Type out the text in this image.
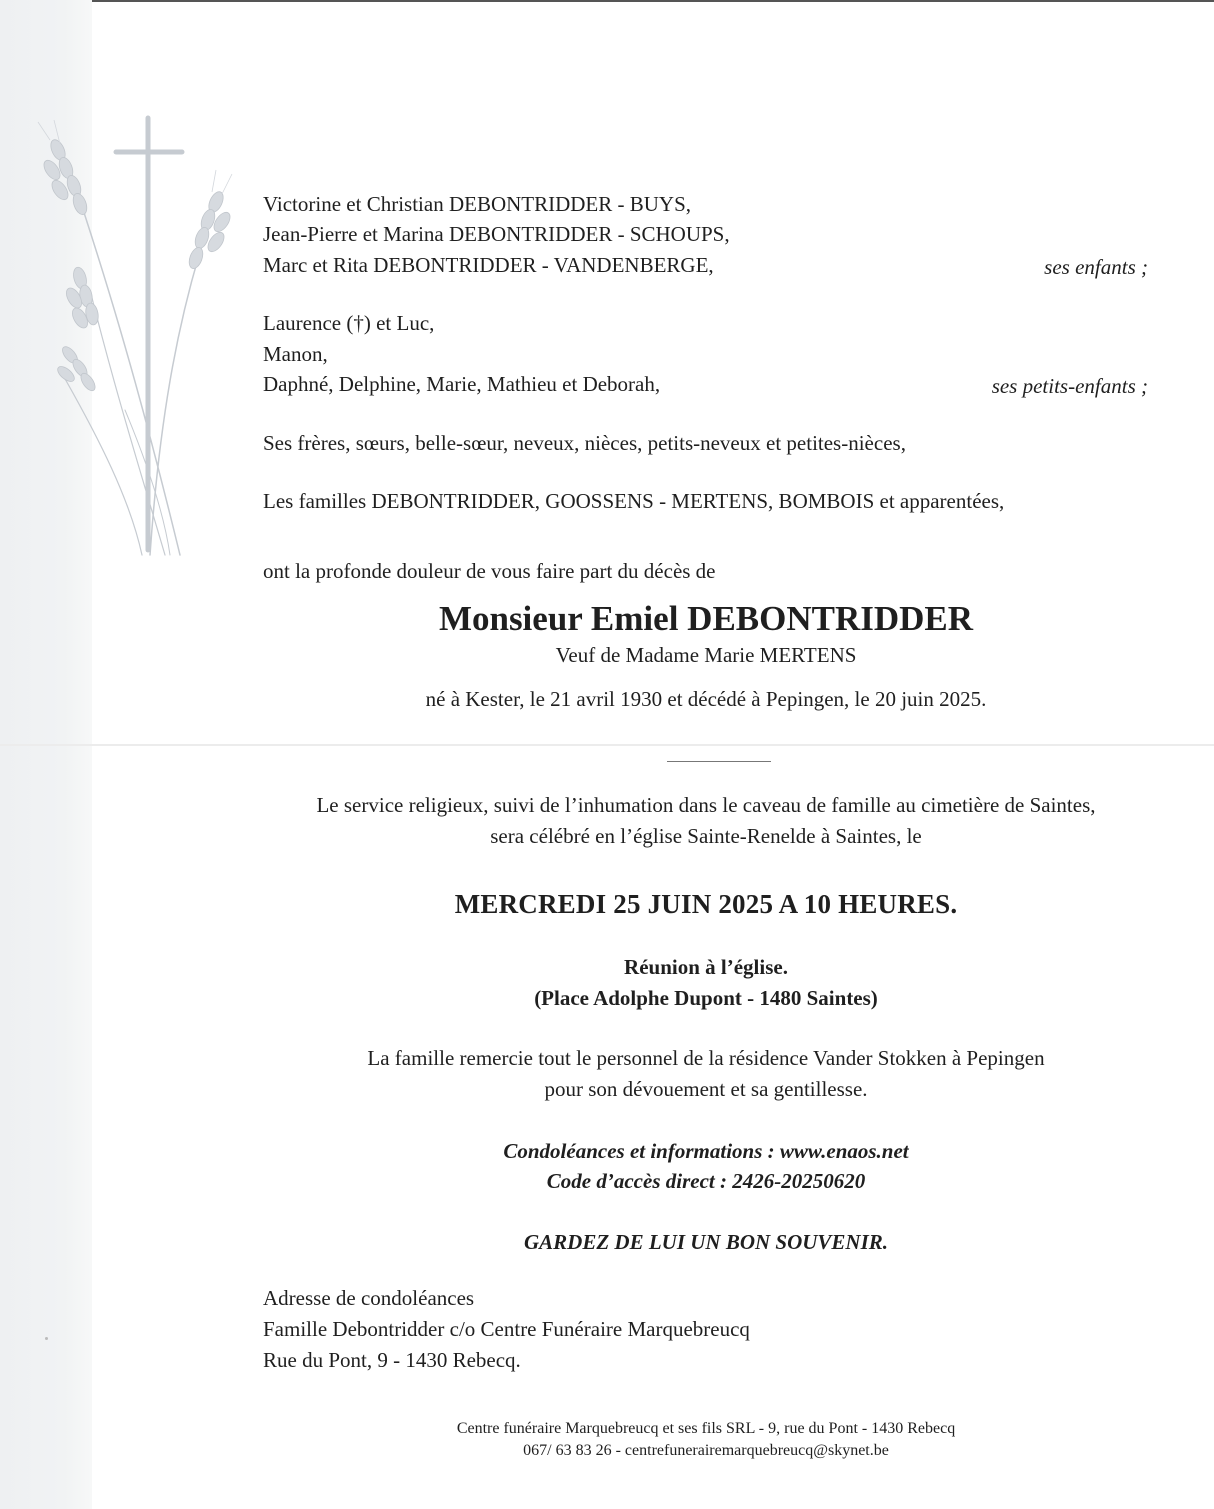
Victorine et Christian DEBONTRIDDER - BUYS,
Jean-Pierre et Marina DEBONTRIDDER - SCHOUPS,
Marc et Rita DEBONTRIDDER - VANDENBERGE,	ses enfants ;
Laurence (†) et Luc,
Manon,
Daphné, Delphine, Marie, Mathieu et Deborah,	ses petits-enfants ;
Ses frères, sœurs, belle-sœur, neveux, nièces, petits-neveux et petites-nièces,
Les familles DEBONTRIDDER, GOOSSENS - MERTENS, BOMBOIS et apparentées,
ont la profonde douleur de vous faire part du décès de
Monsieur Emiel DEBONTRIDDER
Veuf de Madame Marie MERTENS
né à Kester, le 21 avril 1930 et décédé à Pepingen, le 20 juin 2025.
Le service religieux, suivi de l’inhumation dans le caveau de famille au cimetière de Saintes,
sera célébré en l’église Sainte-Renelde à Saintes, le
MERCREDI 25 JUIN 2025 A 10 HEURES.
Réunion à l’église.
(Place Adolphe Dupont - 1480 Saintes)
La famille remercie tout le personnel de la résidence Vander Stokken à Pepingen
pour son dévouement et sa gentillesse.
Condoléances et informations : www.enaos.net
Code d’accès direct : 2426-20250620
GARDEZ DE LUI UN BON SOUVENIR.
Adresse de condoléances
Famille Debontridder c/o Centre Funéraire Marquebreucq
Rue du Pont, 9 - 1430 Rebecq.
Centre funéraire Marquebreucq et ses fils SRL - 9, rue du Pont - 1430 Rebecq
067/ 63 83 26 - centrefunerairemarquebreucq@skynet.be
